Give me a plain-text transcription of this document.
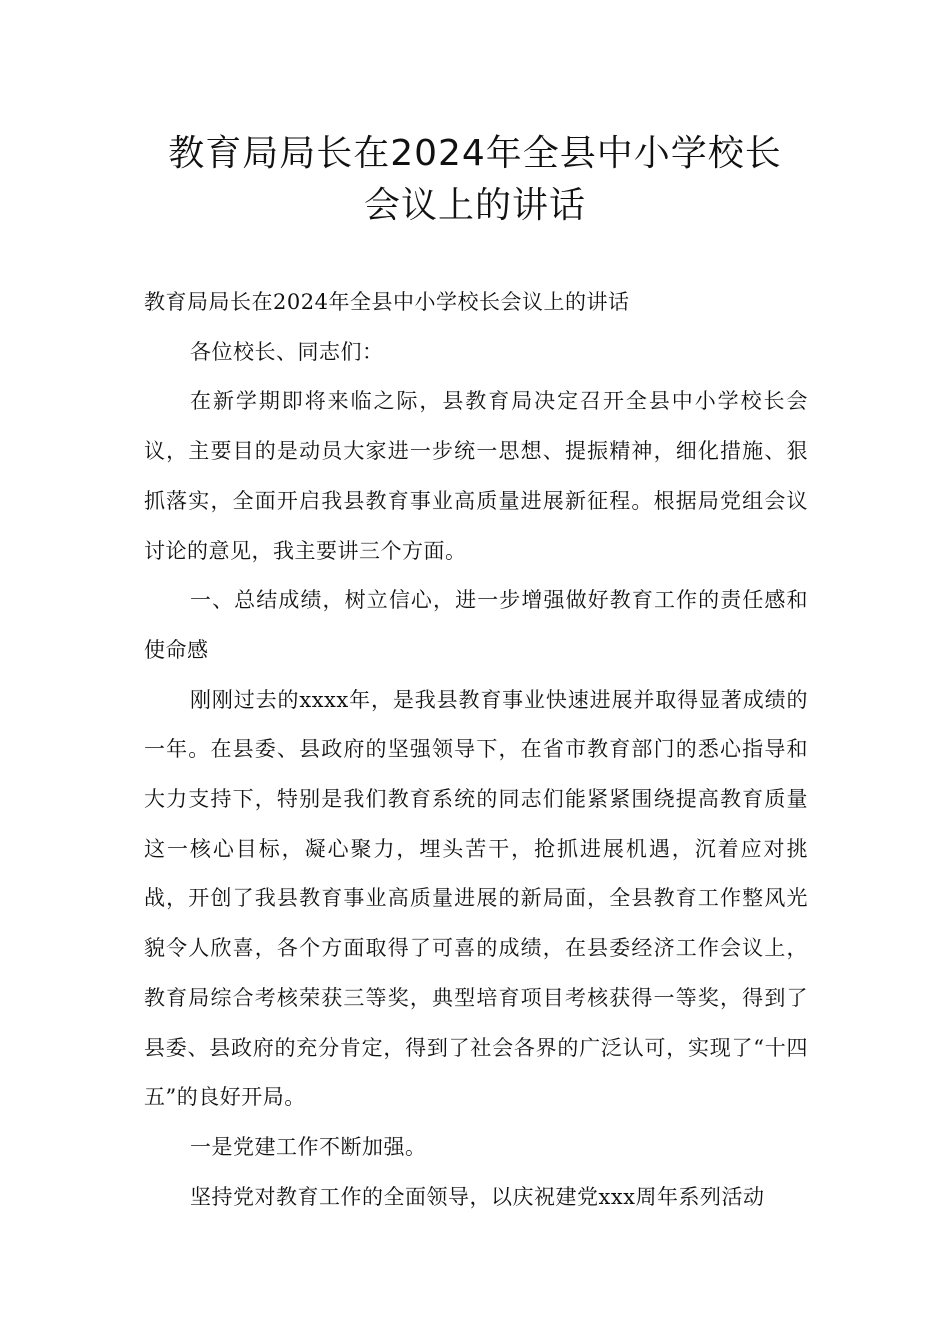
教育局局长在2024年全县中小学校长
会议上的讲话

教育局局长在2024年全县中小学校长会议上的讲话

各位校长、同志们：

在新学期即将来临之际，县教育局决定召开全县中小学校长会议，主要目的是动员大家进一步统一思想、提振精神，细化措施、狠抓落实，全面开启我县教育事业高质量进展新征程。根据局党组会议讨论的意见，我主要讲三个方面。

一、总结成绩，树立信心，进一步增强做好教育工作的责任感和使命感

刚刚过去的xxxx年，是我县教育事业快速进展并取得显著成绩的一年。在县委、县政府的坚强领导下，在省市教育部门的悉心指导和大力支持下，特别是我们教育系统的同志们能紧紧围绕提高教育质量这一核心目标，凝心聚力，埋头苦干，抢抓进展机遇，沉着应对挑战，开创了我县教育事业高质量进展的新局面，全县教育工作整风光貌令人欣喜，各个方面取得了可喜的成绩，在县委经济工作会议上，教育局综合考核荣获三等奖，典型培育项目考核获得一等奖，得到了县委、县政府的充分肯定，得到了社会各界的广泛认可，实现了“十四五”的良好开局。

一是党建工作不断加强。

坚持党对教育工作的全面领导，以庆祝建党xxx周年系列活动
